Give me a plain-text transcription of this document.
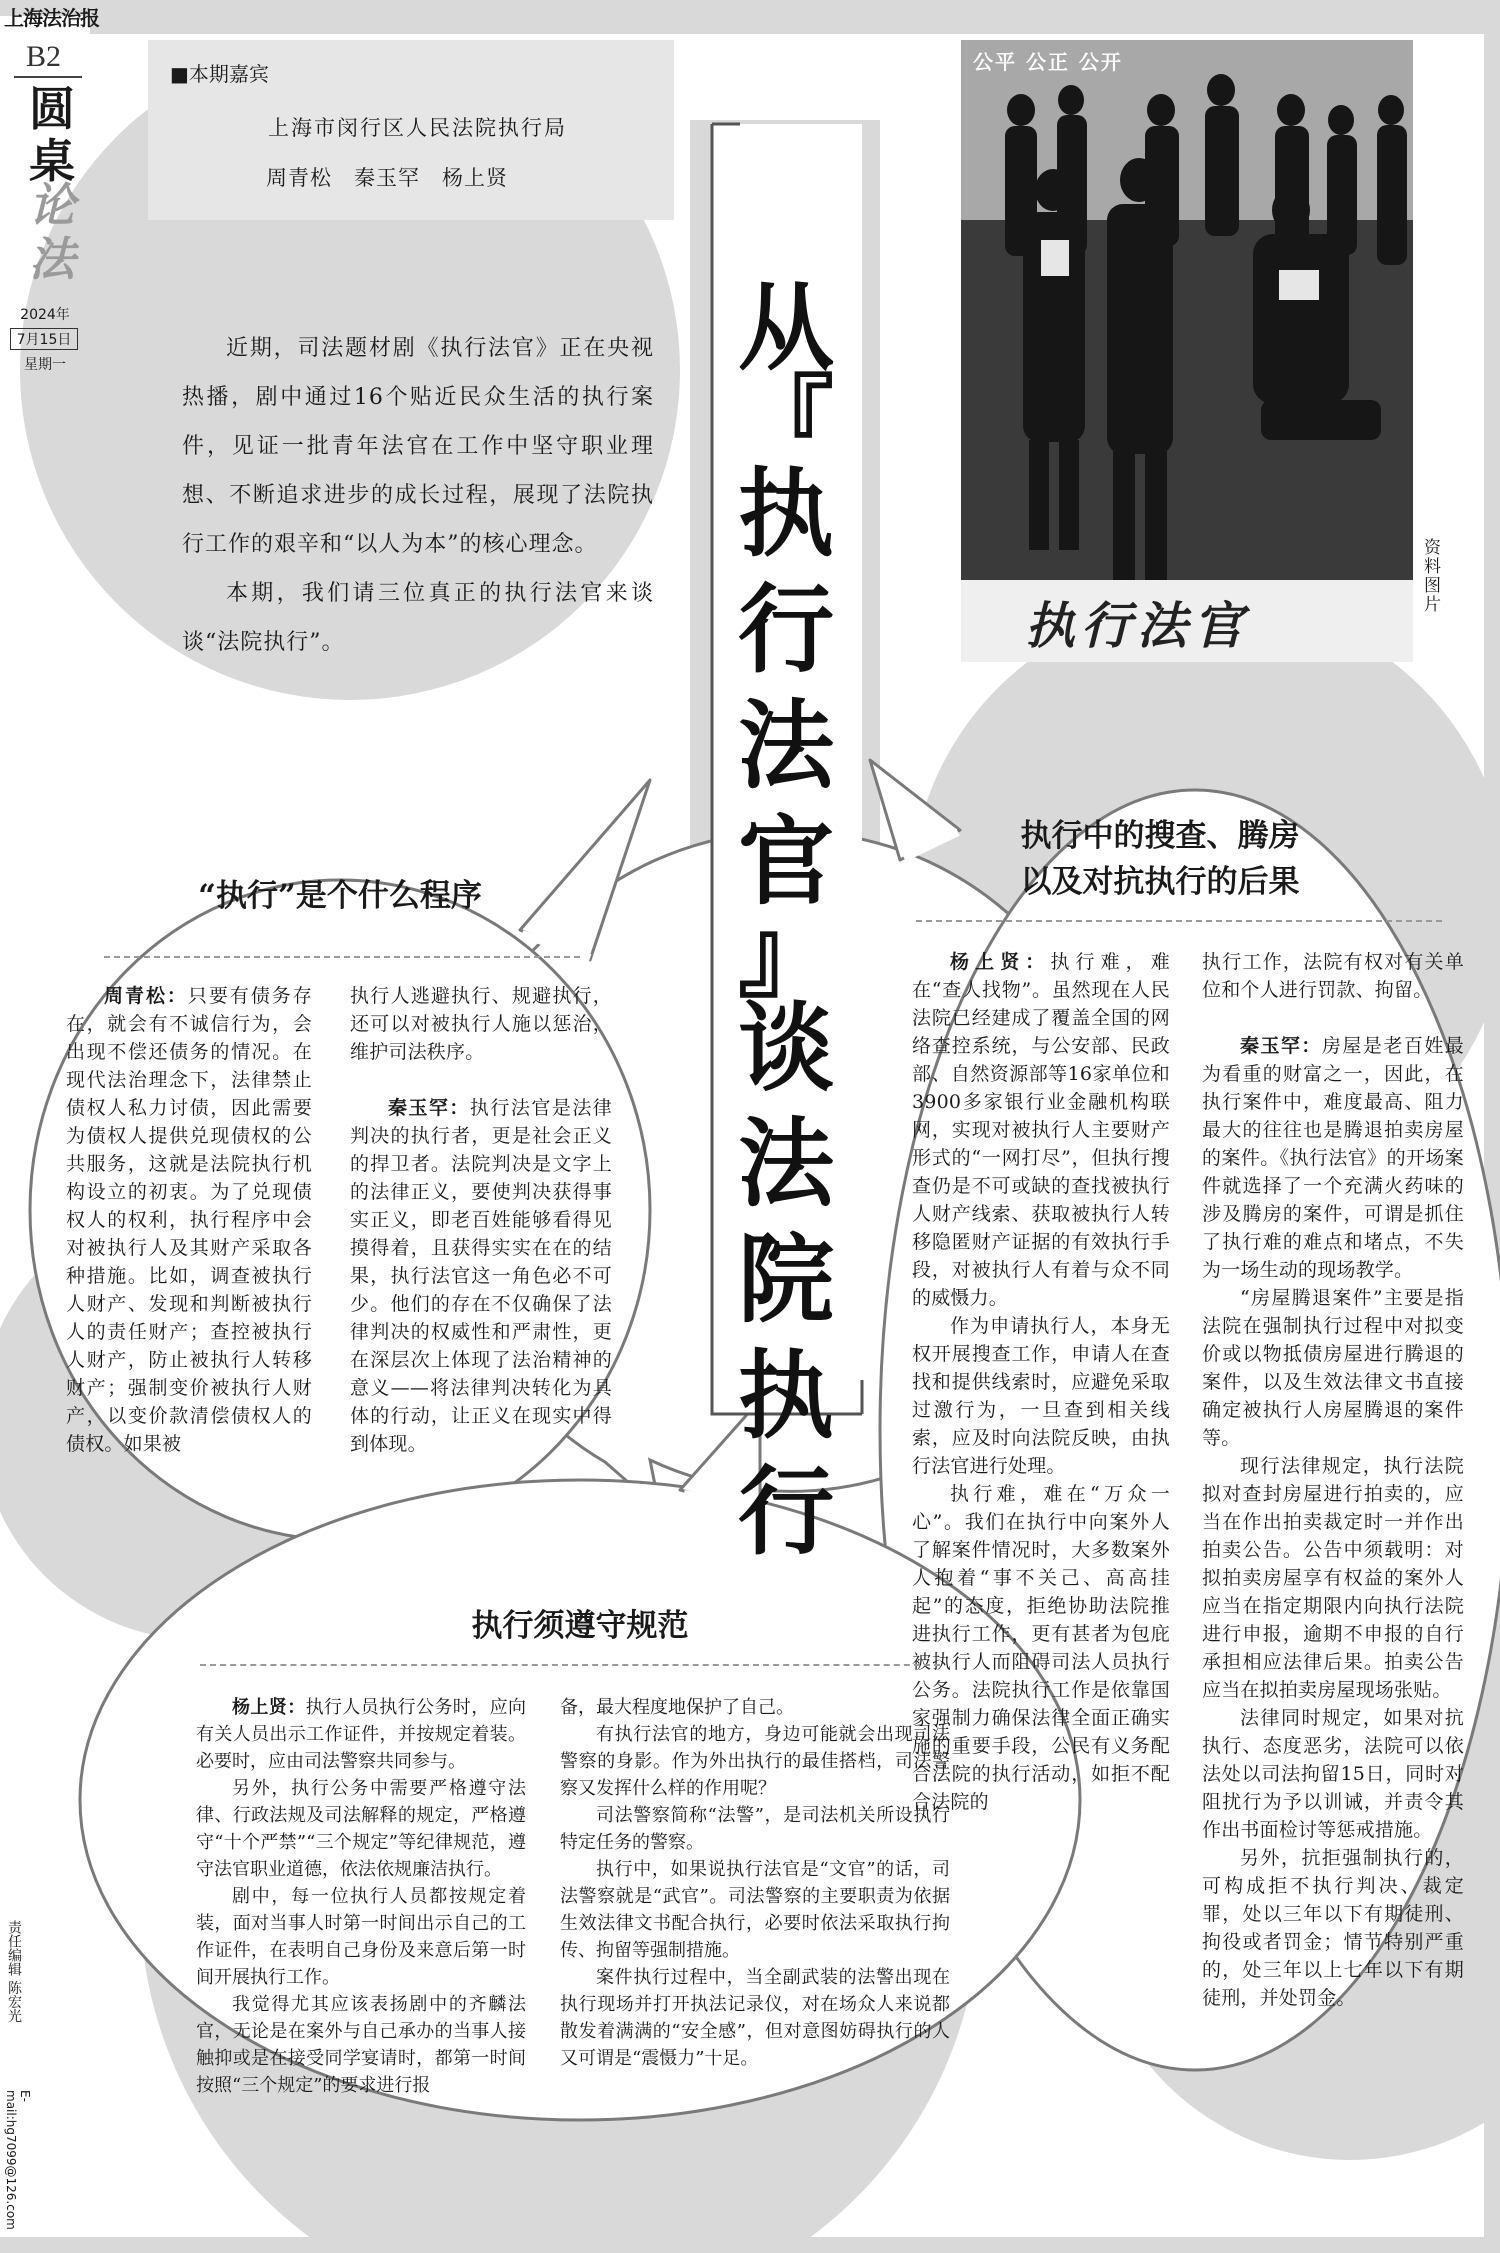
上海法治报
B2
圆
桌
论
法
2024年
7月15日
星期一
责任编辑 陈宏光
E-mail:hg7099@126.com
■本期嘉宾
上海市闵行区人民法院执行局
周青松　秦玉罕　杨上贤

近期，司法题材剧《执行法官》正在央视热播，剧中通过16个贴近民众生活的执行案件，见证一批青年法官在工作中坚守职业理想、不断追求进步的成长过程，展现了法院执行工作的艰辛和“以人为本”的核心理念。

本期，我们请三位真正的执行法官来谈谈“法院执行”。

从
『
执
行
法
官
』
谈
法
院
执
行
公平 公正 公开
执行法官
资料图片
“执行”是个什么程序

周青松：只要有债务存在，就会有不诚信行为，会出现不偿还债务的情况。在现代法治理念下，法律禁止债权人私力讨债，因此需要为债权人提供兑现债权的公共服务，这就是法院执行机构设立的初衷。为了兑现债权人的权利，执行程序中会对被执行人及其财产采取各种措施。比如，调查被执行人财产、发现和判断被执行人的责任财产；查控被执行人财产，防止被执行人转移财产；强制变价被执行人财产，以变价款清偿债权人的债权。如果被

执行人逃避执行、规避执行，还可以对被执行人施以惩治，维护司法秩序。

秦玉罕：执行法官是法律判决的执行者，更是社会正义的捍卫者。法院判决是文字上的法律正义，要使判决获得事实正义，即老百姓能够看得见摸得着，且获得实实在在的结果，执行法官这一角色必不可少。他们的存在不仅确保了法律判决的权威性和严肃性，更在深层次上体现了法治精神的意义——将法律判决转化为具体的行动，让正义在现实中得到体现。

执行中的搜查、腾房
以及对抗执行的后果

杨上贤：执行难，难在“查人找物”。虽然现在人民法院已经建成了覆盖全国的网络查控系统，与公安部、民政部、自然资源部等16家单位和3900多家银行业金融机构联网，实现对被执行人主要财产形式的“一网打尽”，但执行搜查仍是不可或缺的查找被执行人财产线索、获取被执行人转移隐匿财产证据的有效执行手段，对被执行人有着与众不同的威慑力。

作为申请执行人，本身无权开展搜查工作，申请人在查找和提供线索时，应避免采取过激行为，一旦查到相关线索，应及时向法院反映，由执行法官进行处理。

执行难，难在“万众一心”。我们在执行中向案外人了解案件情况时，大多数案外人抱着“事不关己、高高挂起”的态度，拒绝协助法院推进执行工作，更有甚者为包庇被执行人而阻碍司法人员执行公务。法院执行工作是依靠国家强制力确保法律全面正确实施的重要手段，公民有义务配合法院的执行活动，如拒不配合法院的

执行工作，法院有权对有关单位和个人进行罚款、拘留。

秦玉罕：房屋是老百姓最为看重的财富之一，因此，在执行案件中，难度最高、阻力最大的往往也是腾退拍卖房屋的案件。《执行法官》的开场案件就选择了一个充满火药味的涉及腾房的案件，可谓是抓住了执行难的难点和堵点，不失为一场生动的现场教学。

“房屋腾退案件”主要是指法院在强制执行过程中对拟变价或以物抵债房屋进行腾退的案件，以及生效法律文书直接确定被执行人房屋腾退的案件等。

现行法律规定，执行法院拟对查封房屋进行拍卖的，应当在作出拍卖裁定时一并作出拍卖公告。公告中须载明：对拟拍卖房屋享有权益的案外人应当在指定期限内向执行法院进行申报，逾期不申报的自行承担相应法律后果。拍卖公告应当在拟拍卖房屋现场张贴。

法律同时规定，如果对抗执行、态度恶劣，法院可以依法处以司法拘留15日，同时对阻扰行为予以训诫，并责令其作出书面检讨等惩戒措施。

另外，抗拒强制执行的，可构成拒不执行判决、裁定罪，处以三年以下有期徒刑、拘役或者罚金；情节特别严重的，处三年以上七年以下有期徒刑，并处罚金。

执行须遵守规范

杨上贤：执行人员执行公务时，应向有关人员出示工作证件，并按规定着装。必要时，应由司法警察共同参与。

另外，执行公务中需要严格遵守法律、行政法规及司法解释的规定，严格遵守“十个严禁”“三个规定”等纪律规范，遵守法官职业道德，依法依规廉洁执行。

剧中，每一位执行人员都按规定着装，面对当事人时第一时间出示自己的工作证件，在表明自己身份及来意后第一时间开展执行工作。

我觉得尤其应该表扬剧中的齐麟法官，无论是在案外与自己承办的当事人接触抑或是在接受同学宴请时，都第一时间按照“三个规定”的要求进行报

备，最大程度地保护了自己。

有执行法官的地方，身边可能就会出现司法警察的身影。作为外出执行的最佳搭档，司法警察又发挥什么样的作用呢？

司法警察简称“法警”，是司法机关所设执行特定任务的警察。

执行中，如果说执行法官是“文官”的话，司法警察就是“武官”。司法警察的主要职责为依据生效法律文书配合执行，必要时依法采取执行拘传、拘留等强制措施。

案件执行过程中，当全副武装的法警出现在执行现场并打开执法记录仪，对在场众人来说都散发着满满的“安全感”，但对意图妨碍执行的人又可谓是“震慑力”十足。
